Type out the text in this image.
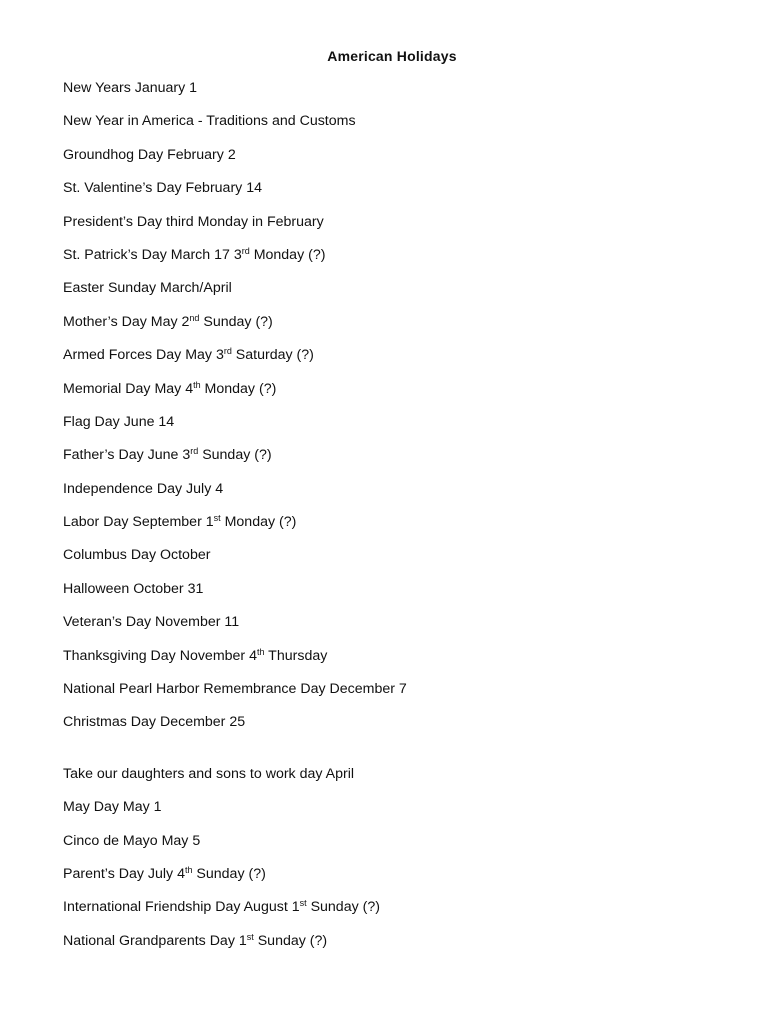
American Holidays
New Years January 1
New Year in America - Traditions and Customs
Groundhog Day February 2
St. Valentine’s Day February 14
President’s Day third Monday in February
St. Patrick’s Day March 17 3rd Monday (?)
Easter Sunday March/April
Mother’s Day May 2nd Sunday (?)
Armed Forces Day May 3rd Saturday (?)
Memorial Day May 4th Monday (?)
Flag Day June 14
Father’s Day June 3rd Sunday (?)
Independence Day July 4
Labor Day September 1st Monday (?)
Columbus Day October
Halloween October 31
Veteran’s Day November 11
Thanksgiving Day November 4th Thursday
National Pearl Harbor Remembrance Day December 7
Christmas Day December 25
Take our daughters and sons to work day April
May Day May 1
Cinco de Mayo May 5
Parent’s Day July 4th Sunday (?)
International Friendship Day August 1st Sunday (?)
National Grandparents Day 1st Sunday (?)
